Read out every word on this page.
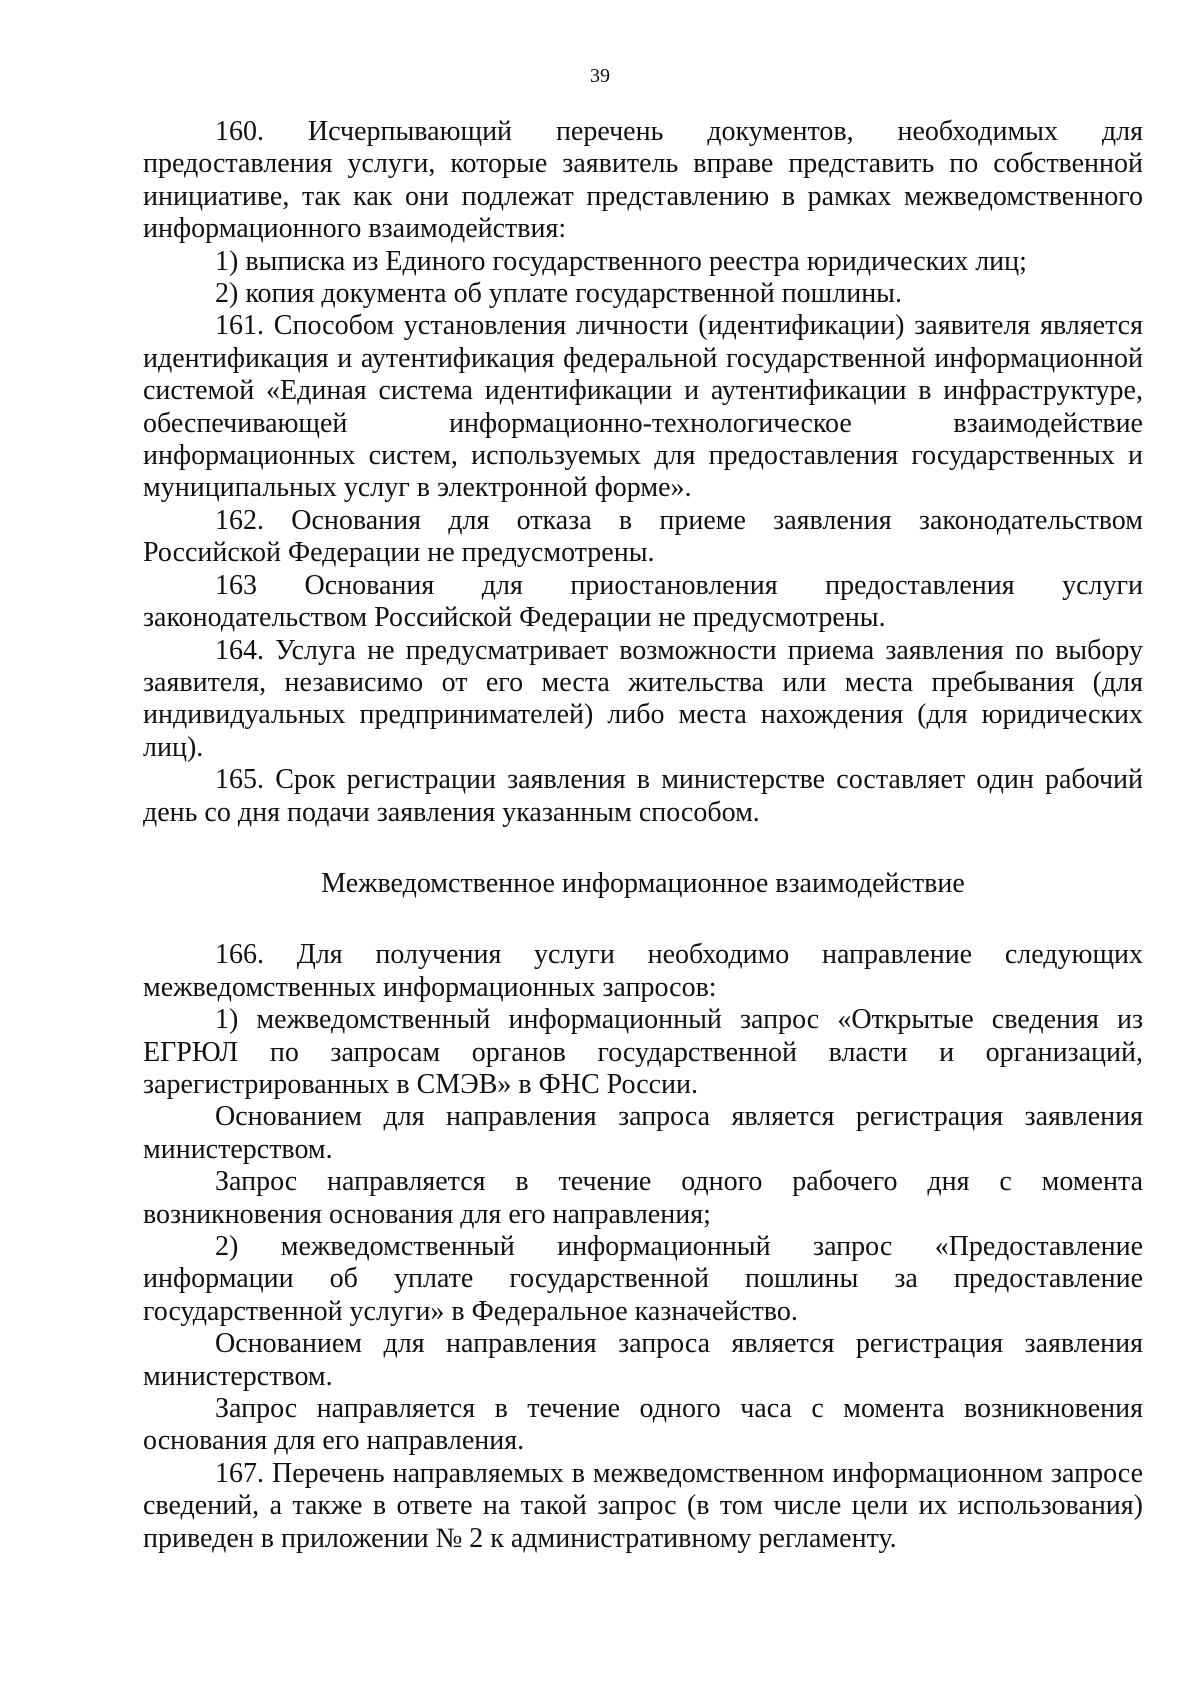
39

160. Исчерпывающий перечень документов, необходимых для предоставления услуги, которые заявитель вправе представить по собственной инициативе, так как они подлежат представлению в рамках межведомственного информационного взаимодействия:

1) выписка из Единого государственного реестра юридических лиц;

2) копия документа об уплате государственной пошлины.

161. Способом установления личности (идентификации) заявителя является идентификация и аутентификация федеральной государственной информационной системой «Единая система идентификации и аутентификации в инфраструктуре, обеспечивающей информационно-технологическое взаимодействие информационных систем, используемых для предоставления государственных и муниципальных услуг в электронной форме».

162. Основания для отказа в приеме заявления законодательством Российской Федерации не предусмотрены.

163 Основания для приостановления предоставления услуги законодательством Российской Федерации не предусмотрены.

164. Услуга не предусматривает возможности приема заявления по выбору заявителя, независимо от его места жительства или места пребывания (для индивидуальных предпринимателей) либо места нахождения (для юридических лиц).

165. Срок регистрации заявления в министерстве составляет один рабочий день со дня подачи заявления указанным способом.

Межведомственное информационное взаимодействие

166. Для получения услуги необходимо направление следующих межведомственных информационных запросов:

1) межведомственный информационный запрос «Открытые сведения из ЕГРЮЛ по запросам органов государственной власти и организаций, зарегистрированных в СМЭВ» в ФНС России.

Основанием для направления запроса является регистрация заявления министерством.

Запрос направляется в течение одного рабочего дня с момента возникновения основания для его направления;

2) межведомственный информационный запрос «Предоставление информации об уплате государственной пошлины за предоставление государственной услуги» в Федеральное казначейство.

Основанием для направления запроса является регистрация заявления министерством.

Запрос направляется в течение одного часа с момента возникновения основания для его направления.

167. Перечень направляемых в межведомственном информационном запросе сведений, а также в ответе на такой запрос (в том числе цели их использования) приведен в приложении № 2 к административному регламенту.
